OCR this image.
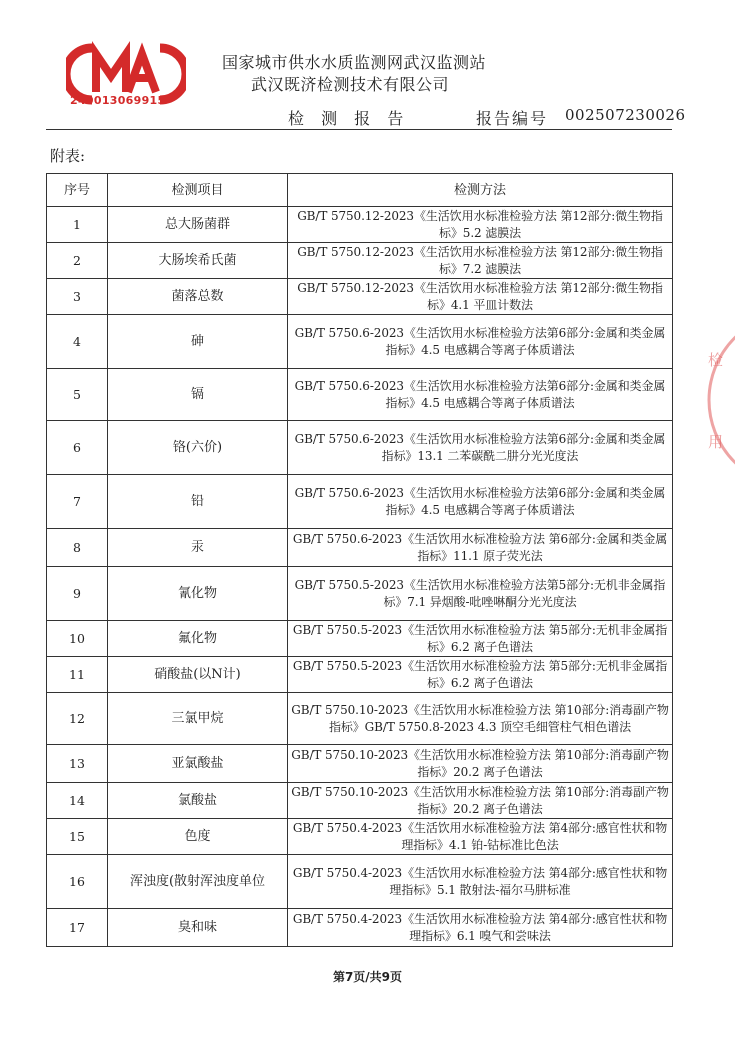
240013069915
国家城市供水水质监测网武汉监测站
武汉既济检测技术有限公司
检 测 报 告	报告编号 002507230026
附表:
序号	检测项目	检测方法
1	总大肠菌群	GB/T 5750.12-2023《生活饮用水标准检验方法 第12部分:微生物指标》5.2 滤膜法
2	大肠埃希氏菌	GB/T 5750.12-2023《生活饮用水标准检验方法 第12部分:微生物指标》7.2 滤膜法
3	菌落总数	GB/T 5750.12-2023《生活饮用水标准检验方法 第12部分:微生物指标》4.1 平皿计数法
4	砷	GB/T 5750.6-2023《生活饮用水标准检验方法第6部分:金属和类金属指标》4.5 电感耦合等离子体质谱法
5	镉	GB/T 5750.6-2023《生活饮用水标准检验方法第6部分:金属和类金属指标》4.5 电感耦合等离子体质谱法
6	铬(六价)	GB/T 5750.6-2023《生活饮用水标准检验方法第6部分:金属和类金属指标》13.1 二苯碳酰二肼分光光度法
7	铅	GB/T 5750.6-2023《生活饮用水标准检验方法第6部分:金属和类金属指标》4.5 电感耦合等离子体质谱法
8	汞	GB/T 5750.6-2023《生活饮用水标准检验方法 第6部分:金属和类金属指标》11.1 原子荧光法
9	氰化物	GB/T 5750.5-2023《生活饮用水标准检验方法第5部分:无机非金属指标》7.1 异烟酸-吡唑啉酮分光光度法
10	氟化物	GB/T 5750.5-2023《生活饮用水标准检验方法 第5部分:无机非金属指标》6.2 离子色谱法
11	硝酸盐(以N计)	GB/T 5750.5-2023《生活饮用水标准检验方法 第5部分:无机非金属指标》6.2 离子色谱法
12	三氯甲烷	GB/T 5750.10-2023《生活饮用水标准检验方法 第10部分:消毒副产物指标》GB/T 5750.8-2023 4.3 顶空毛细管柱气相色谱法
13	亚氯酸盐	GB/T 5750.10-2023《生活饮用水标准检验方法 第10部分:消毒副产物指标》20.2 离子色谱法
14	氯酸盐	GB/T 5750.10-2023《生活饮用水标准检验方法 第10部分:消毒副产物指标》20.2 离子色谱法
15	色度	GB/T 5750.4-2023《生活饮用水标准检验方法 第4部分:感官性状和物理指标》4.1 铂-钴标准比色法
16	浑浊度(散射浑浊度单位	GB/T 5750.4-2023《生活饮用水标准检验方法 第4部分:感官性状和物理指标》5.1 散射法-福尔马肼标准
17	臭和味	GB/T 5750.4-2023《生活饮用水标准检验方法 第4部分:感官性状和物理指标》6.1 嗅气和尝味法
第7页/共9页
检
用
